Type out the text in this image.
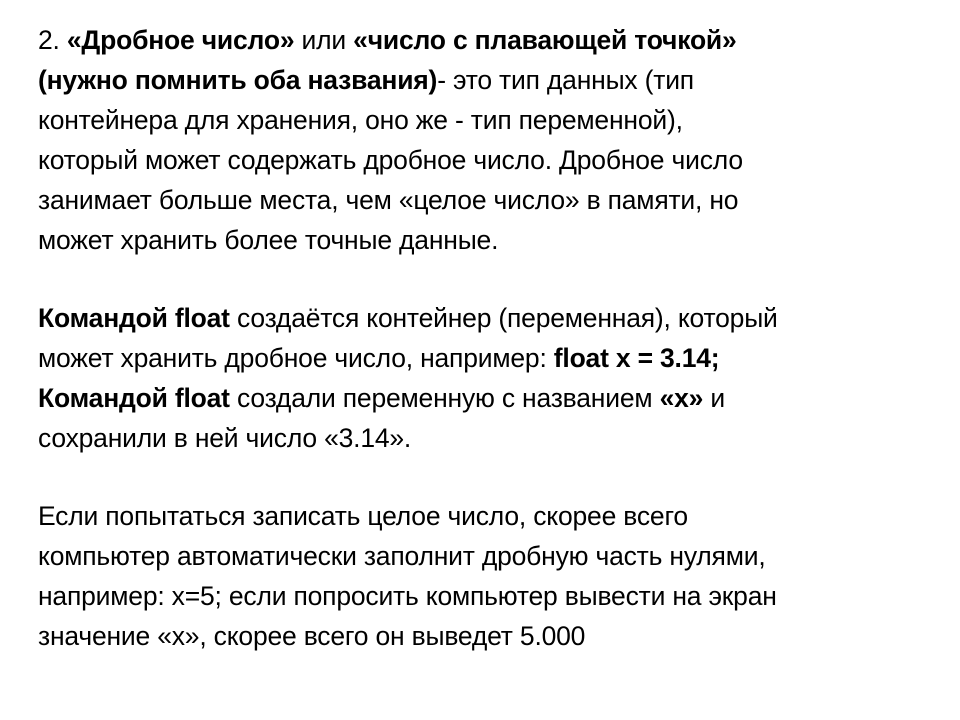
2. «Дробное число» или «число с плавающей точкой»
(нужно помнить оба названия)- это тип данных (тип
контейнера для хранения, оно же - тип переменной),
который может содержать дробное число. Дробное число
занимает больше места, чем «целое число» в памяти, но
может хранить более точные данные.
Командой float создаётся контейнер (переменная), который
может хранить дробное число, например: float x = 3.14;
Командой float создали переменную с названием «x» и
сохранили в ней число «3.14».
Если попытаться записать целое число, скорее всего
компьютер автоматически заполнит дробную часть нулями,
например: x=5; если попросить компьютер вывести на экран
значение «x», скорее всего он выведет 5.000
